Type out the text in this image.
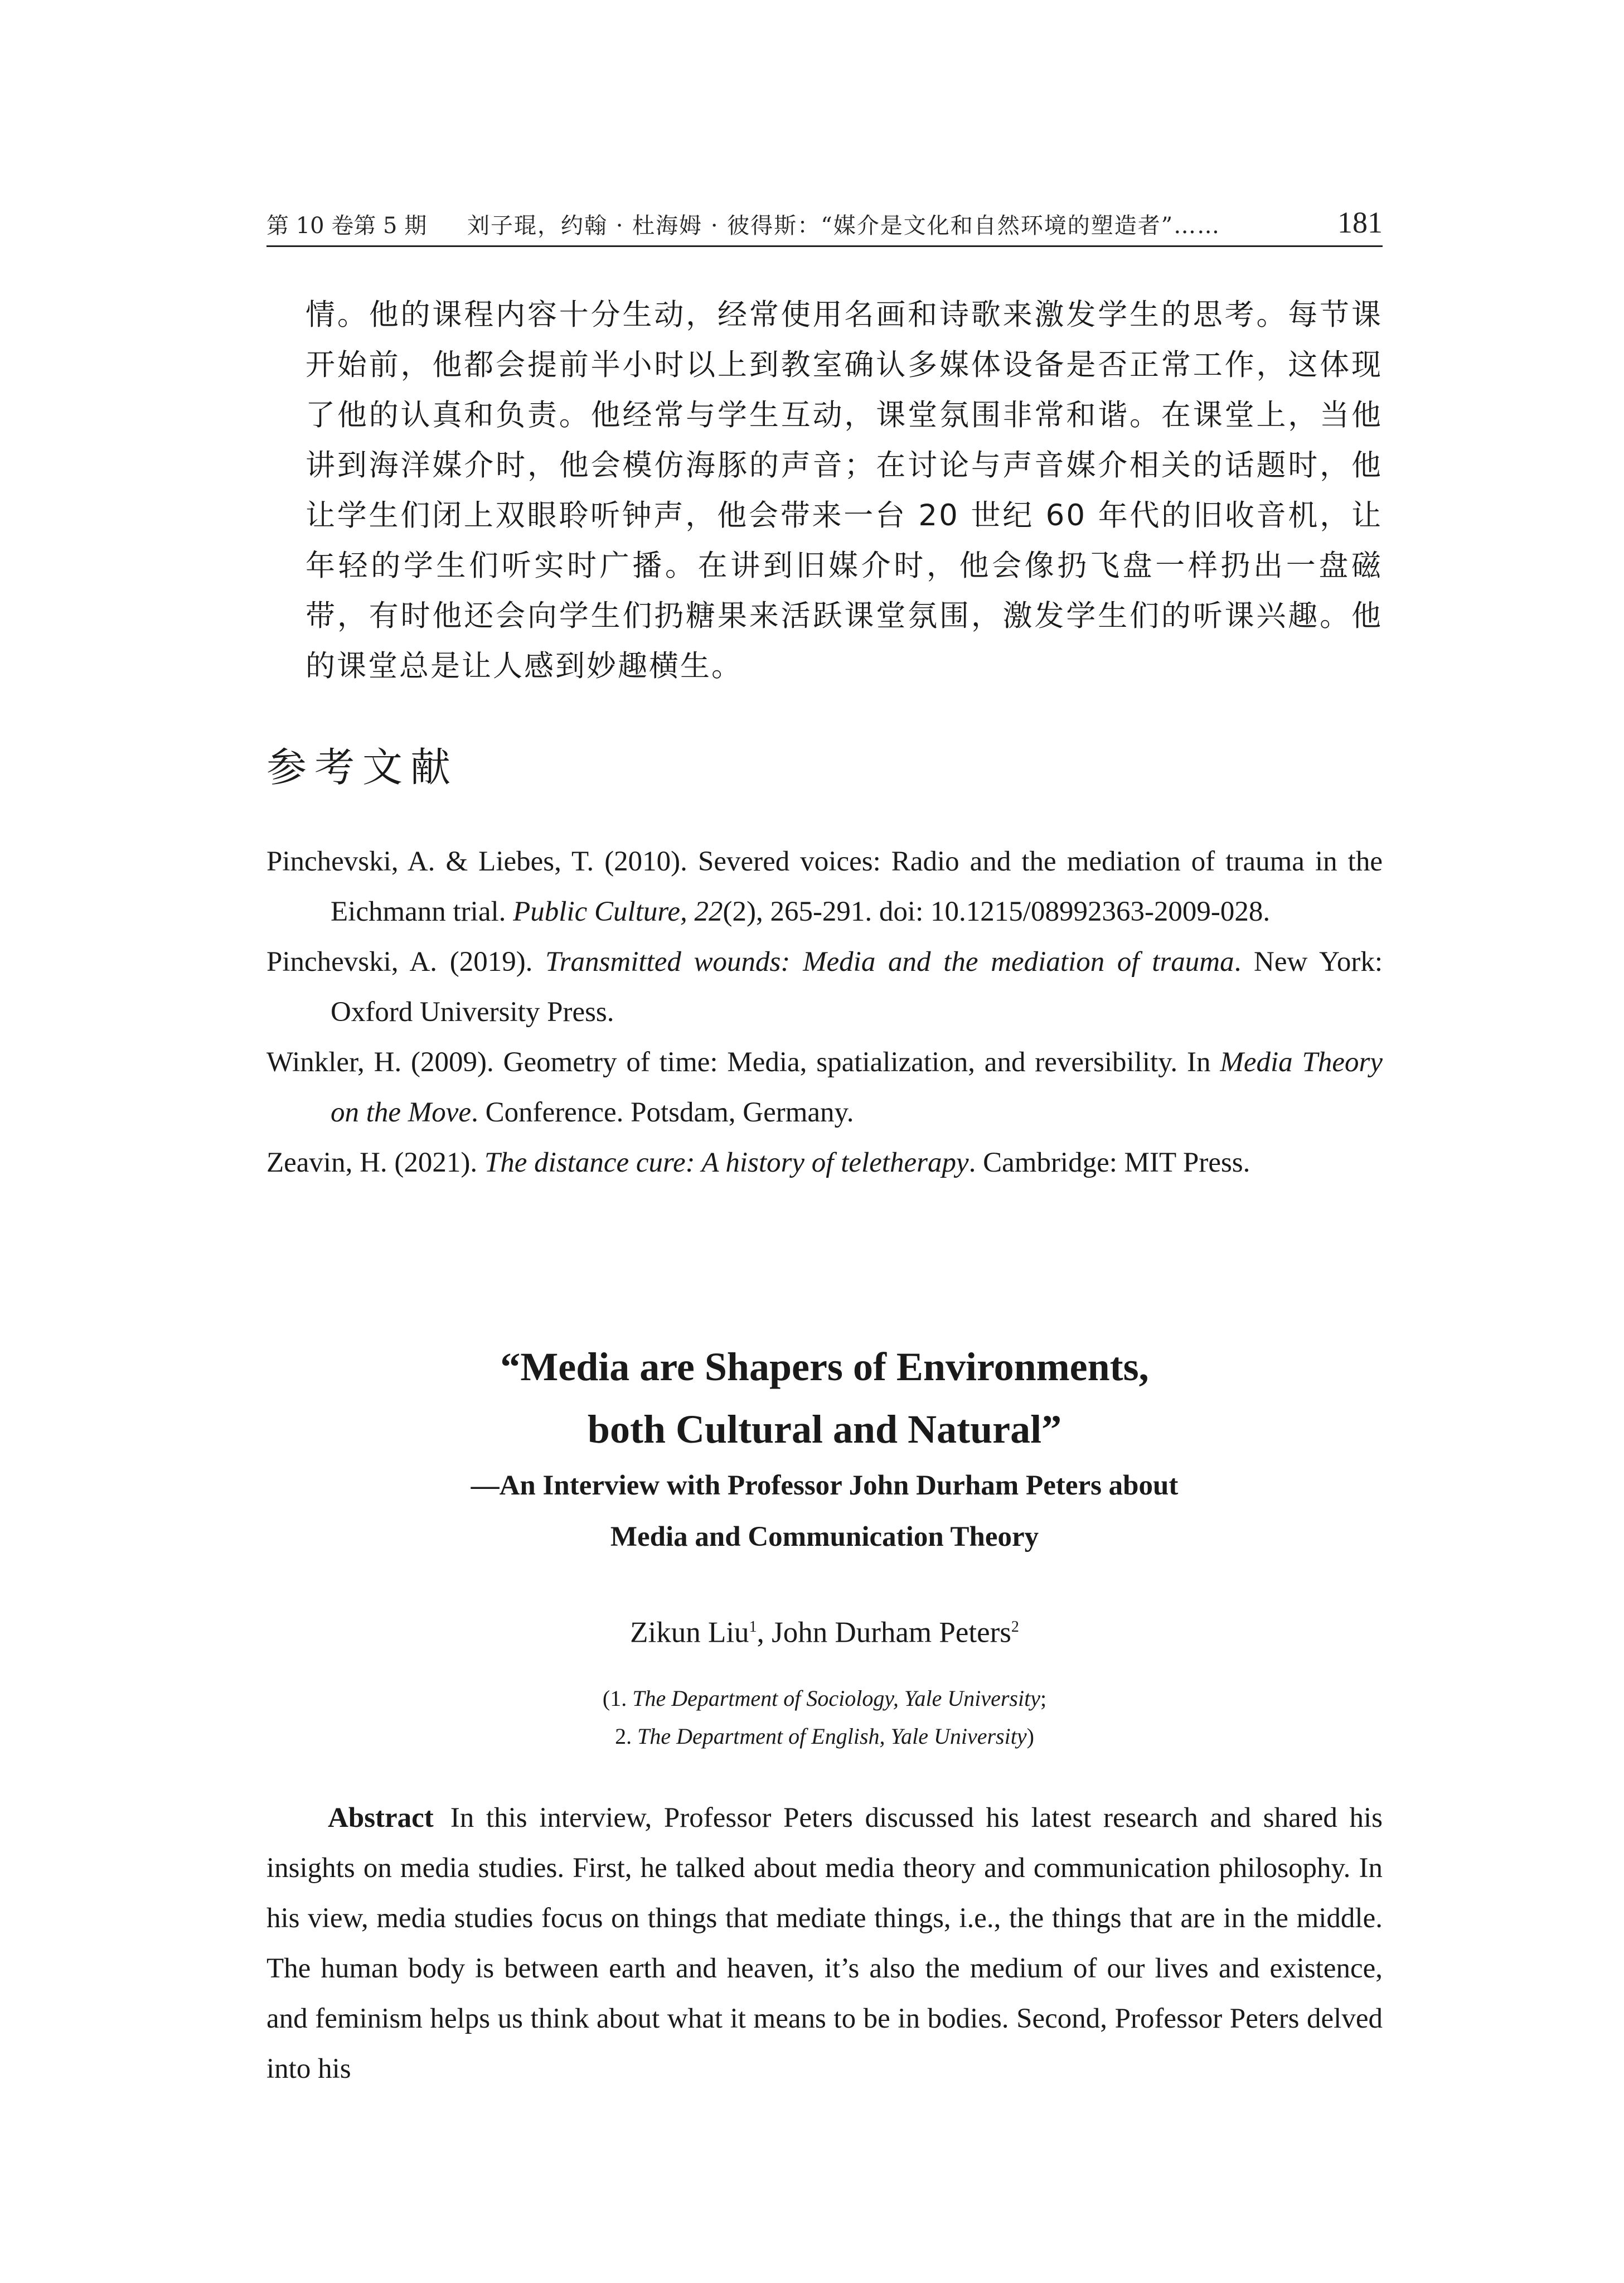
第 10 卷第 5 期 刘子琨，约翰 · 杜海姆 · 彼得斯：“媒介是文化和自然环境的塑造者”……	181

情。他的课程内容十分生动，经常使用名画和诗歌来激发学生的思考。每节课开始前，他都会提前半小时以上到教室确认多媒体设备是否正常工作，这体现了他的认真和负责。他经常与学生互动，课堂氛围非常和谐。在课堂上，当他讲到海洋媒介时，他会模仿海豚的声音；在讨论与声音媒介相关的话题时，他让学生们闭上双眼聆听钟声，他会带来一台 20 世纪 60 年代的旧收音机，让年轻的学生们听实时广播。在讲到旧媒介时，他会像扔飞盘一样扔出一盘磁带，有时他还会向学生们扔糖果来活跃课堂氛围，激发学生们的听课兴趣。他的课堂总是让人感到妙趣横生。

参考文献

Pinchevski, A. & Liebes, T. (2010). Severed voices: Radio and the mediation of trauma in the Eichmann trial. Public Culture, 22(2), 265-291. doi: 10.1215/08992363-2009-028.

Pinchevski, A. (2019). Transmitted wounds: Media and the mediation of trauma. New York: Oxford University Press.

Winkler, H. (2009). Geometry of time: Media, spatialization, and reversibility. In Media Theory on the Move. Conference. Potsdam, Germany.

Zeavin, H. (2021). The distance cure: A history of teletherapy. Cambridge: MIT Press.

“Media are Shapers of Environments,
both Cultural and Natural”

—An Interview with Professor John Durham Peters about
Media and Communication Theory

Zikun Liu$^1$, John Durham Peters$^2$

(1. The Department of Sociology, Yale University;
2. The Department of English, Yale University)

Abstract In this interview, Professor Peters discussed his latest research and shared his insights on media studies. First, he talked about media theory and communication philosophy. In his view, media studies focus on things that mediate things, i.e., the things that are in the middle. The human body is between earth and heaven, it’s also the medium of our lives and existence, and feminism helps us think about what it means to be in bodies. Second, Professor Peters delved into his
